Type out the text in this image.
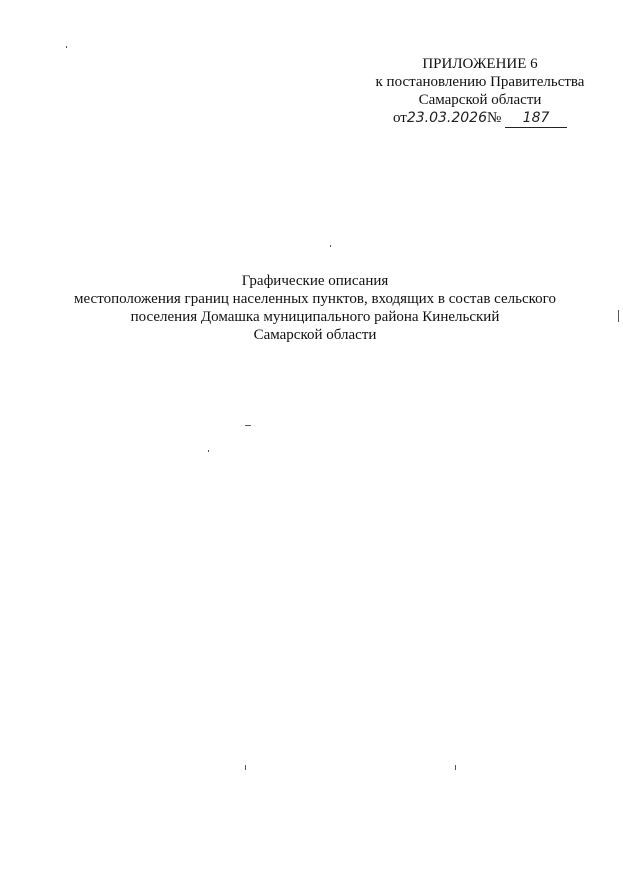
ПРИЛОЖЕНИЕ 6
к постановлению Правительства
Самарской области
от23.03.2026№ 187
Графические описания
местоположения границ населенных пунктов, входящих в состав сельского
поселения Домашка муниципального района Кинельский
Самарской области
